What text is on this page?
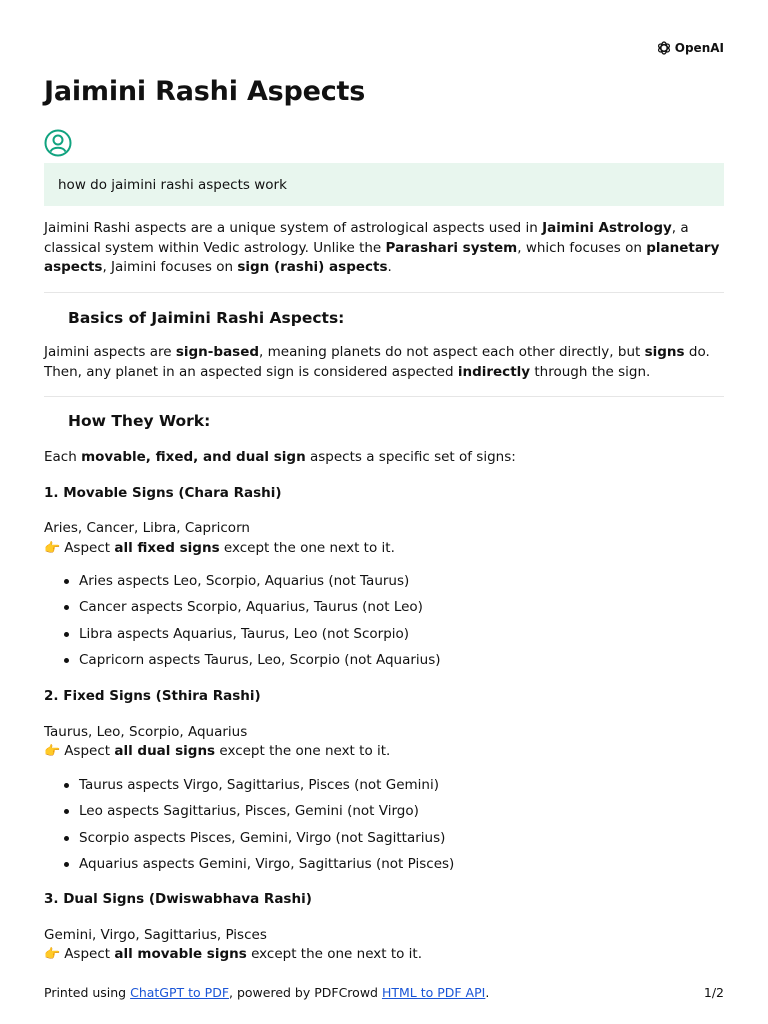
OpenAI
Jaimini Rashi Aspects
how do jaimini rashi aspects work

Jaimini Rashi aspects are a unique system of astrological aspects used in Jaimini Astrology, a classical system within Vedic astrology. Unlike the Parashari system, which focuses on planetary aspects, Jaimini focuses on sign (rashi) aspects.

Basics of Jaimini Rashi Aspects:

Jaimini aspects are sign-based, meaning planets do not aspect each other directly, but signs do. Then, any planet in an aspected sign is considered aspected indirectly through the sign.

How They Work:

Each movable, fixed, and dual sign aspects a specific set of signs:

1. Movable Signs (Chara Rashi)

Aries, Cancer, Libra, Capricorn

👉 Aspect all fixed signs except the one next to it.

Aries aspects Leo, Scorpio, Aquarius (not Taurus)
Cancer aspects Scorpio, Aquarius, Taurus (not Leo)
Libra aspects Aquarius, Taurus, Leo (not Scorpio)
Capricorn aspects Taurus, Leo, Scorpio (not Aquarius)

2. Fixed Signs (Sthira Rashi)

Taurus, Leo, Scorpio, Aquarius

👉 Aspect all dual signs except the one next to it.

Taurus aspects Virgo, Sagittarius, Pisces (not Gemini)
Leo aspects Sagittarius, Pisces, Gemini (not Virgo)
Scorpio aspects Pisces, Gemini, Virgo (not Sagittarius)
Aquarius aspects Gemini, Virgo, Sagittarius (not Pisces)

3. Dual Signs (Dwiswabhava Rashi)

Gemini, Virgo, Sagittarius, Pisces

👉 Aspect all movable signs except the one next to it.

Printed using ChatGPT to PDF, powered by PDFCrowd HTML to PDF API.	1/2
